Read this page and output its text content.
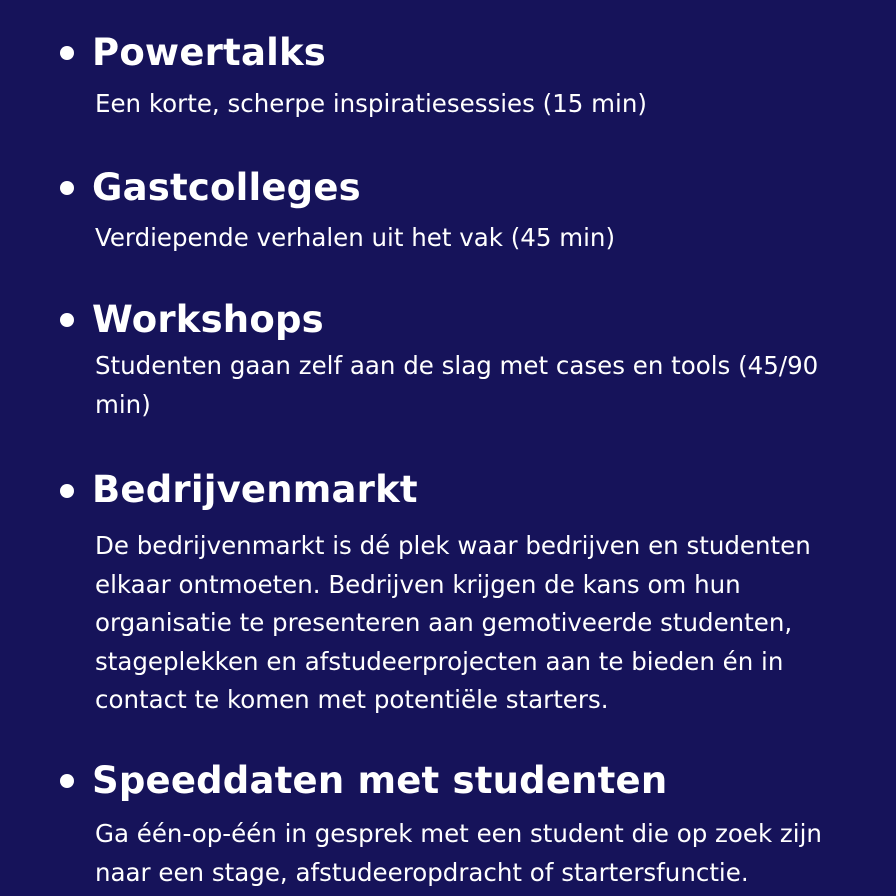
Powertalks

Een korte, scherpe inspiratiesessies (15 min)

Gastcolleges

Verdiepende verhalen uit het vak (45 min)

Workshops

Studenten gaan zelf aan de slag met cases en tools (45/90 min)

Bedrijvenmarkt

De bedrijvenmarkt is dé plek waar bedrijven en studenten elkaar ontmoeten. Bedrijven krijgen de kans om hun organisatie te presenteren aan gemotiveerde studenten, stageplekken en afstudeerprojecten aan te bieden én in contact te komen met potentiële starters.

Speeddaten met studenten

Ga één-op-één in gesprek met een student die op zoek zijn naar een stage, afstudeeropdracht of startersfunctie.
